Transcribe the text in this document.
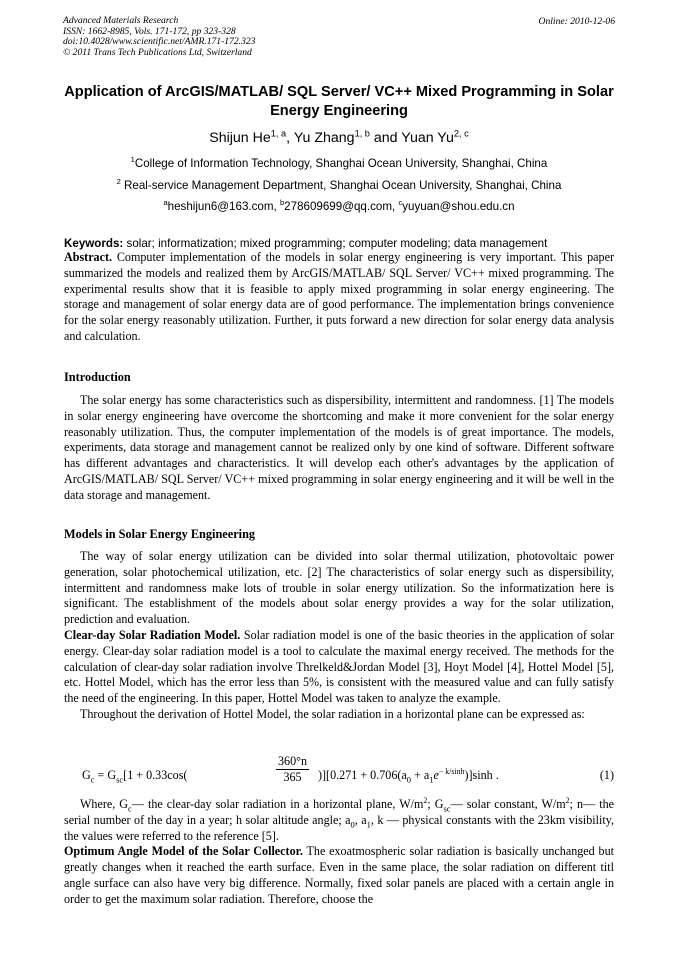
Advanced Materials Research
ISSN: 1662-8985, Vols. 171-172, pp 323-328
doi:10.4028/www.scientific.net/AMR.171-172.323
© 2011 Trans Tech Publications Ltd, Switzerland
Online: 2010-12-06
Application of ArcGIS/MATLAB/ SQL Server/ VC++ Mixed Programming in Solar Energy Engineering
Shijun He$^{1, a}$, Yu Zhang$^{1, b}$ and Yuan Yu$^{2, c}$
$^1$College of Information Technology, Shanghai Ocean University, Shanghai, China
$^2$ Real-service Management Department, Shanghai Ocean University, Shanghai, China
$^a$heshijun6@163.com, $^b$278609699@qq.com, $^c$yuyuan@shou.edu.cn
Keywords: solar; informatization; mixed programming; computer modeling; data management

Abstract. Computer implementation of the models in solar energy engineering is very important. This paper summarized the models and realized them by ArcGIS/MATLAB/ SQL Server/ VC++ mixed programming. The experimental results show that it is feasible to apply mixed programming in solar energy engineering. The storage and management of solar energy data are of good performance. The implementation brings convenience for the solar energy reasonably utilization. Further, it puts forward a new direction for solar energy data analysis and calculation.

Introduction

The solar energy has some characteristics such as dispersibility, intermittent and randomness. [1] The models in solar energy engineering have overcome the shortcoming and make it more convenient for the solar energy reasonably utilization. Thus, the computer implementation of the models is of great importance. The models, experiments, data storage and management cannot be realized only by one kind of software. Different software has different advantages and characteristics. It will develop each other's advantages by the application of ArcGIS/MATLAB/ SQL Server/ VC++ mixed programming in solar energy engineering and it will be well in the data storage and management.

Models in Solar Energy Engineering

The way of solar energy utilization can be divided into solar thermal utilization, photovoltaic power generation, solar photochemical utilization, etc. [2] The characteristics of solar energy such as dispersibility, intermittent and randomness make lots of trouble in solar energy utilization. So the informatization here is significant. The establishment of the models about solar energy provides a way for the solar utilization, prediction and evaluation.

Clear-day Solar Radiation Model. Solar radiation model is one of the basic theories in the application of solar energy. Clear-day solar radiation model is a tool to calculate the maximal energy received. The methods for the calculation of clear-day solar radiation involve Threlkeld&Jordan Model [3], Hoyt Model [4], Hottel Model [5], etc. Hottel Model, which has the error less than 5%, is consistent with the measured value and can fully satisfy the need of the engineering. In this paper, Hottel Model was taken to analyze the example.

Throughout the derivation of Hottel Model, the solar radiation in a horizontal plane can be expressed as:

$G_c = G_{sc}[1 + 0.33\cos$(	$\frac{360^\circ n}{365} )][0.271 + 0.706(a_0 + a_1e^{- k/sinh})]\sinh$ .	(1)

Where, $G_c—$ the clear-day solar radiation in a horizontal plane, $W/m^2$; $G_{sc}—$ solar constant, $W/m^2$; n— the serial number of the day in a year; h solar altitude angle; $a_0$, $a_1$, k — physical constants with the 23km visibility, the values were referred to the reference [5].

Optimum Angle Model of the Solar Collector. The exoatmospheric solar radiation is basically unchanged but greatly changes when it reached the earth surface. Even in the same place, the solar radiation on different titl angle surface can also have very big difference. Normally, fixed solar panels are placed with a certain angle in order to get the maximum solar radiation. Therefore, choose the
